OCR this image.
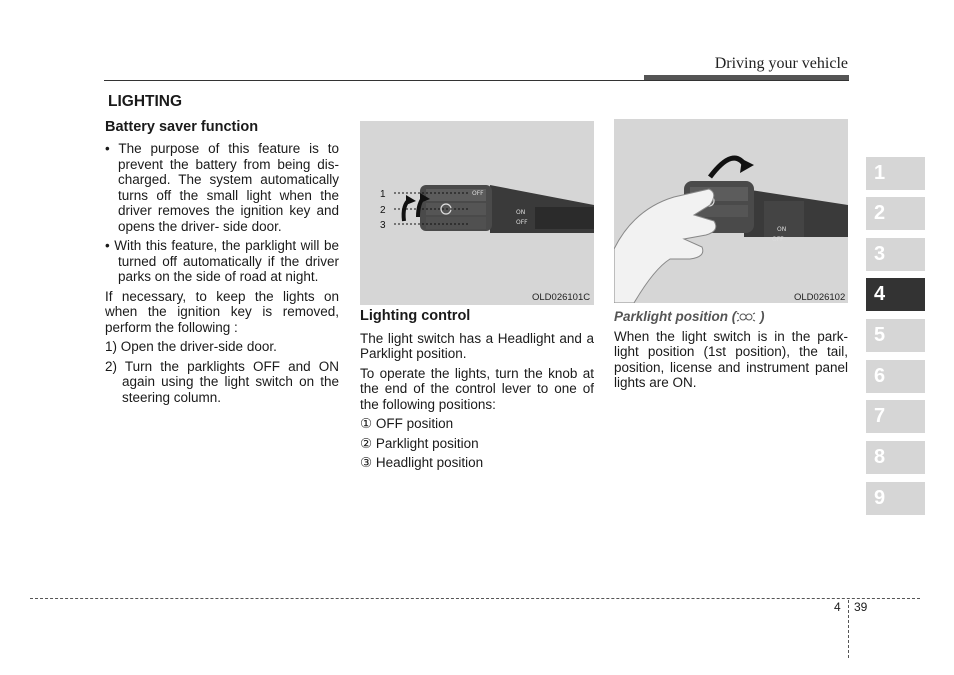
Driving your vehicle
LIGHTING
Battery saver function

• The purpose of this feature is to prevent the battery from being dis-charged. The system automatically turns off the small light when the driver removes the ignition key and opens the driver- side door.

• With this feature, the parklight will be turned off automatically if the driver parks on the side of road at night.

If necessary, to keep the lights on when the ignition key is removed, perform the following :

1) Open the driver-side door.

2) Turn the parklights OFF and ON again using the light switch on the steering column.

OFF
ON
OFF
1
2
3
OLD026101C
Lighting control

The light switch has a Headlight and a Parklight position.

To operate the lights, turn the knob at the end of the control lever to one of the following positions:

① OFF position

② Parklight position

③ Headlight position

ON
OFF
OLD026102
Parklight position ( )

When the light switch is in the park-light position (1st position), the tail, position, license and instrument panel lights are ON.

1
2
3
4
5
6
7
8
9
4 39
